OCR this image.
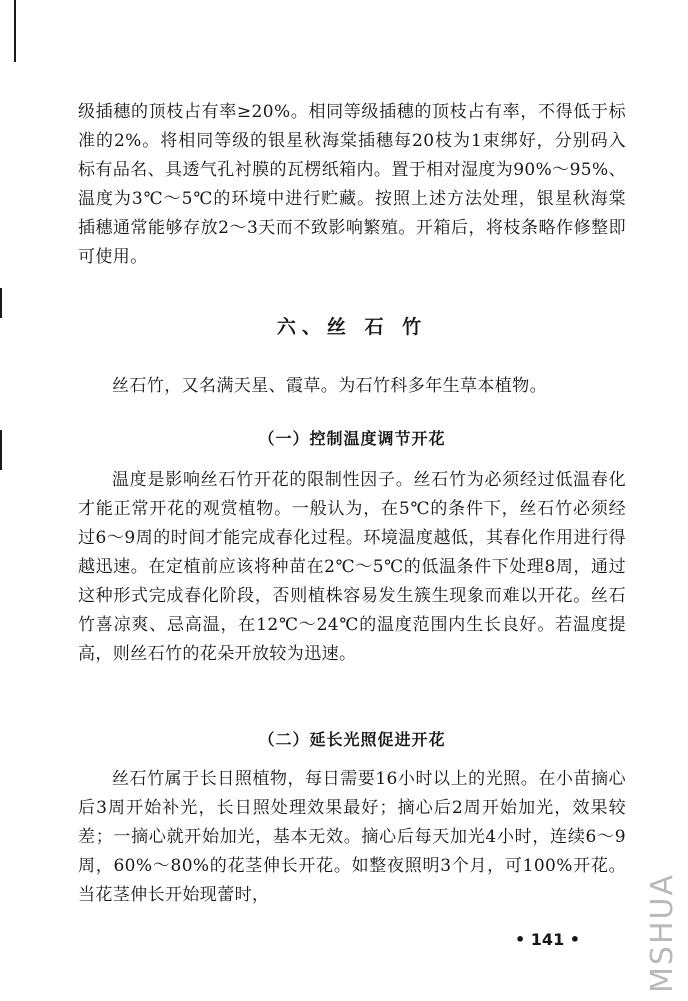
级插穗的顶枝占有率≥20%。相同等级插穗的顶枝占有率，不得低于标准的2%。将相同等级的银星秋海棠插穗每20枝为1束绑好，分别码入标有品名、具透气孔衬膜的瓦楞纸箱内。置于相对湿度为90%～95%、温度为3℃～5℃的环境中进行贮藏。按照上述方法处理，银星秋海棠插穗通常能够存放2～3天而不致影响繁殖。开箱后，将枝条略作修整即可使用。

六、丝 石 竹

丝石竹，又名满天星、霞草。为石竹科多年生草本植物。

（一）控制温度调节开花

温度是影响丝石竹开花的限制性因子。丝石竹为必须经过低温春化才能正常开花的观赏植物。一般认为，在5℃的条件下，丝石竹必须经过6～9周的时间才能完成春化过程。环境温度越低，其春化作用进行得越迅速。在定植前应该将种苗在2℃～5℃的低温条件下处理8周，通过这种形式完成春化阶段，否则植株容易发生簇生现象而难以开花。丝石竹喜凉爽、忌高温，在12℃～24℃的温度范围内生长良好。若温度提高，则丝石竹的花朵开放较为迅速。

（二）延长光照促进开花

丝石竹属于长日照植物，每日需要16小时以上的光照。在小苗摘心后3周开始补光，长日照处理效果最好；摘心后2周开始加光，效果较差；一摘心就开始加光，基本无效。摘心后每天加光4小时，连续6～9周，60%～80%的花茎伸长开花。如整夜照明3个月，可100%开花。当花茎伸长开始现蕾时，

• 141 • MSHUA
